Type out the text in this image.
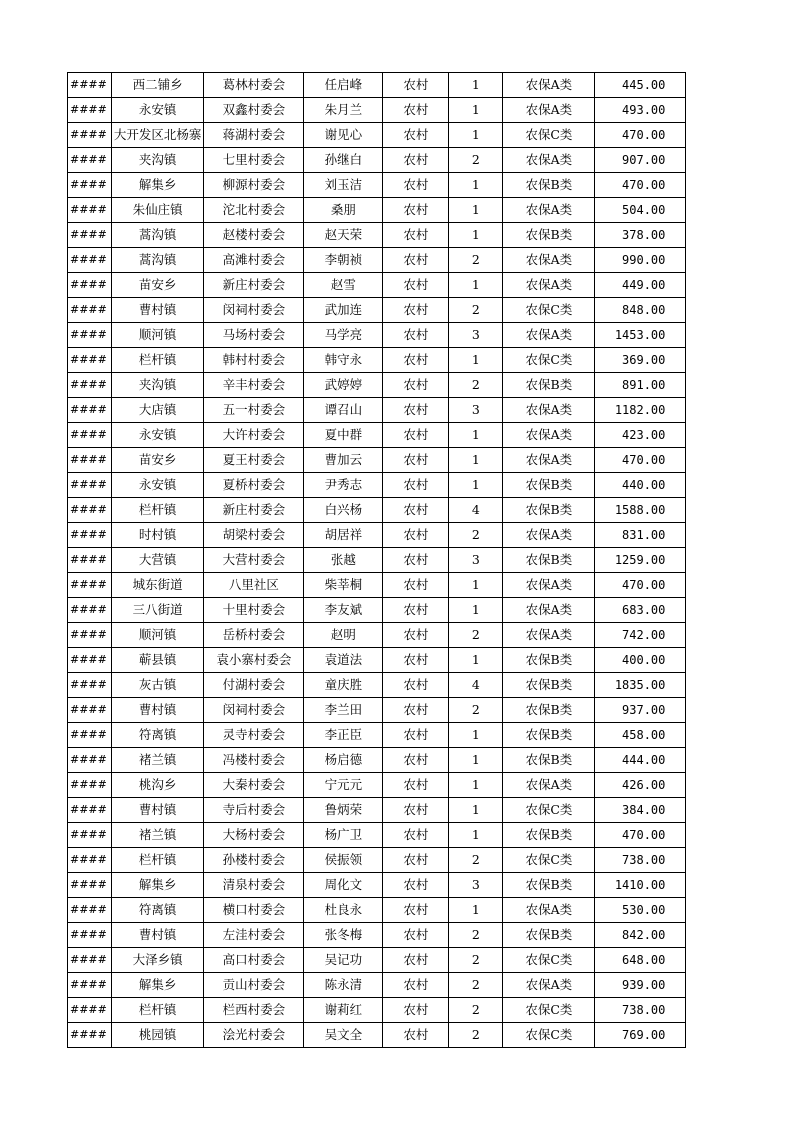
####	西二铺乡	葛林村委会	任启峰	农村	1	农保A类	445.00
####	永安镇	双鑫村委会	朱月兰	农村	1	农保A类	493.00
####	大开发区北杨寨	蒋湖村委会	谢见心	农村	1	农保C类	470.00
####	夹沟镇	七里村委会	孙继白	农村	2	农保A类	907.00
####	解集乡	柳源村委会	刘玉洁	农村	1	农保B类	470.00
####	朱仙庄镇	沱北村委会	桑朋	农村	1	农保A类	504.00
####	蒿沟镇	赵楼村委会	赵天荣	农村	1	农保B类	378.00
####	蒿沟镇	高滩村委会	李朝祯	农村	2	农保A类	990.00
####	苗安乡	新庄村委会	赵雪	农村	1	农保A类	449.00
####	曹村镇	闵祠村委会	武加连	农村	2	农保C类	848.00
####	顺河镇	马场村委会	马学亮	农村	3	农保A类	1453.00
####	栏杆镇	韩村村委会	韩守永	农村	1	农保C类	369.00
####	夹沟镇	辛丰村委会	武婷婷	农村	2	农保B类	891.00
####	大店镇	五一村委会	谭召山	农村	3	农保A类	1182.00
####	永安镇	大许村委会	夏中群	农村	1	农保A类	423.00
####	苗安乡	夏王村委会	曹加云	农村	1	农保A类	470.00
####	永安镇	夏桥村委会	尹秀志	农村	1	农保B类	440.00
####	栏杆镇	新庄村委会	白兴杨	农村	4	农保B类	1588.00
####	时村镇	胡梁村委会	胡居祥	农村	2	农保A类	831.00
####	大营镇	大营村委会	张越	农村	3	农保B类	1259.00
####	城东街道	八里社区	柴莘桐	农村	1	农保A类	470.00
####	三八街道	十里村委会	李友斌	农村	1	农保A类	683.00
####	顺河镇	岳桥村委会	赵明	农村	2	农保A类	742.00
####	蕲县镇	袁小寨村委会	袁道法	农村	1	农保B类	400.00
####	灰古镇	付湖村委会	童庆胜	农村	4	农保B类	1835.00
####	曹村镇	闵祠村委会	李兰田	农村	2	农保B类	937.00
####	符离镇	灵寺村委会	李正臣	农村	1	农保B类	458.00
####	褚兰镇	冯楼村委会	杨启德	农村	1	农保B类	444.00
####	桃沟乡	大秦村委会	宁元元	农村	1	农保A类	426.00
####	曹村镇	寺后村委会	鲁炳荣	农村	1	农保C类	384.00
####	褚兰镇	大杨村委会	杨广卫	农村	1	农保B类	470.00
####	栏杆镇	孙楼村委会	侯振领	农村	2	农保C类	738.00
####	解集乡	清泉村委会	周化文	农村	3	农保B类	1410.00
####	符离镇	横口村委会	杜良永	农村	1	农保A类	530.00
####	曹村镇	左洼村委会	张冬梅	农村	2	农保B类	842.00
####	大泽乡镇	高口村委会	吴记功	农村	2	农保C类	648.00
####	解集乡	贡山村委会	陈永清	农村	2	农保A类	939.00
####	栏杆镇	栏西村委会	谢莉红	农村	2	农保C类	738.00
####	桃园镇	浍光村委会	吴文全	农村	2	农保C类	769.00
